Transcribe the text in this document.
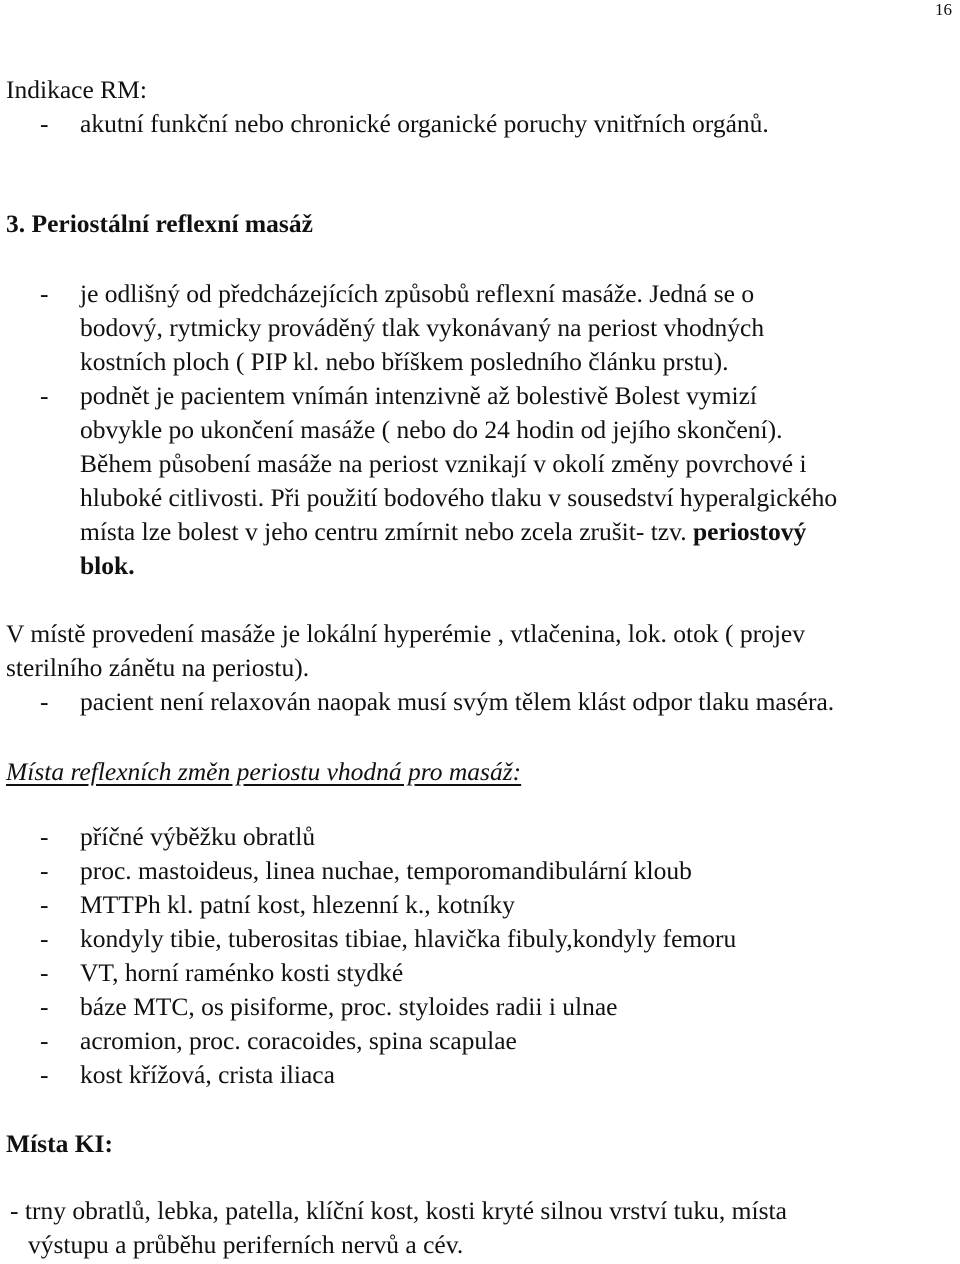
16
Indikace RM:
- akutní funkční nebo chronické organické poruchy vnitřních orgánů.
3. Periostální reflexní masáž
- je odlišný od předcházejících způsobů reflexní masáže. Jedná se o
bodový, rytmicky prováděný tlak vykonávaný na periost vhodných
kostních ploch ( PIP kl. nebo bříškem posledního článku prstu).
- podnět je pacientem vnímán intenzivně až bolestivě Bolest vymizí
obvykle po ukončení masáže ( nebo do 24 hodin od jejího skončení).
Během působení masáže na periost vznikají v okolí změny povrchové i
hluboké citlivosti. Při použití bodového tlaku v sousedství hyperalgického
místa lze bolest v jeho centru zmírnit nebo zcela zrušit- tzv. periostový
blok.
V místě provedení masáže je lokální hyperémie , vtlačenina, lok. otok ( projev
sterilního zánětu na periostu).
- pacient není relaxován naopak musí svým tělem klást odpor tlaku maséra.
Místa reflexních změn periostu vhodná pro masáž:
- příčné výběžku obratlů
- proc. mastoideus, linea nuchae, temporomandibulární kloub
- MTTPh kl. patní kost, hlezenní k., kotníky
- kondyly tibie, tuberositas tibiae, hlavička fibuly,kondyly femoru
- VT, horní raménko kosti stydké
- báze MTC, os pisiforme, proc. styloides radii i ulnae
- acromion, proc. coracoides, spina scapulae
- kost křížová, crista iliaca
Místa KI:
- trny obratlů, lebka, patella, klíční kost, kosti kryté silnou vrství tuku, místa
výstupu a průběhu periferních nervů a cév.
